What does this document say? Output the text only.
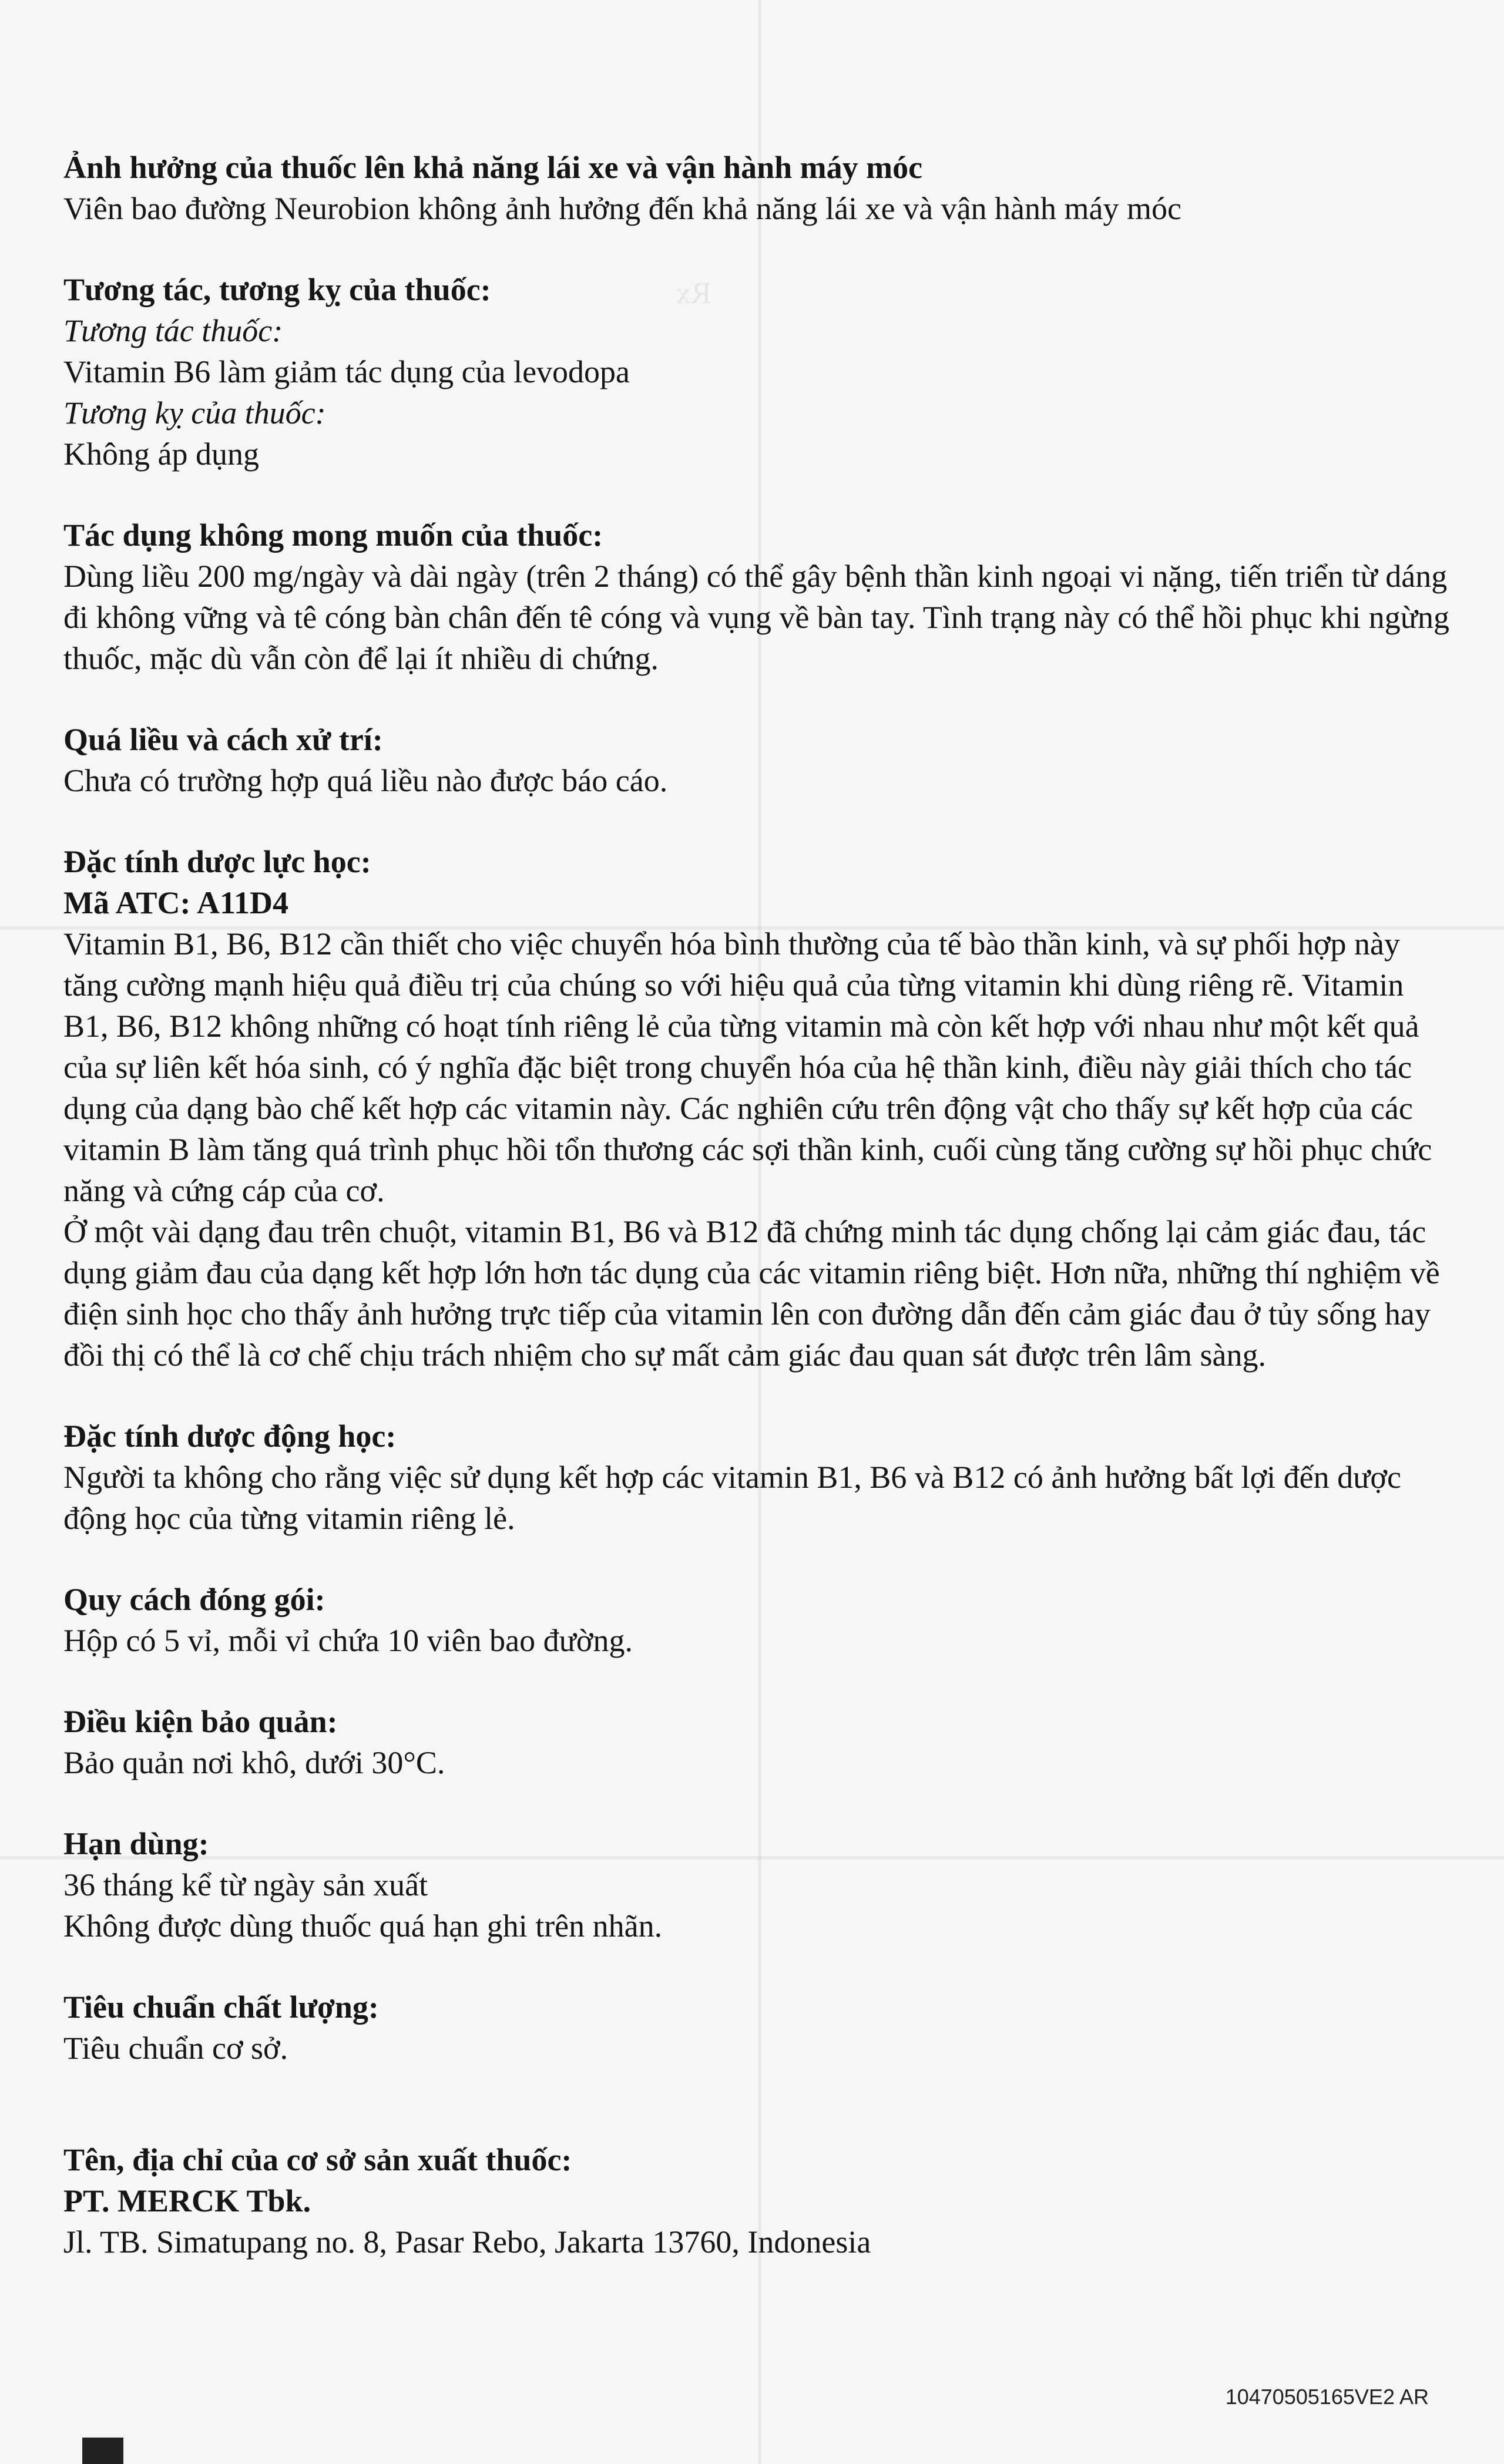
Rx

Ảnh hưởng của thuốc lên khả năng lái xe và vận hành máy móc

Viên bao đường Neurobion không ảnh hưởng đến khả năng lái xe và vận hành máy móc

Tương tác, tương kỵ của thuốc:

Tương tác thuốc:

Vitamin B6 làm giảm tác dụng của levodopa

Tương kỵ của thuốc:

Không áp dụng

Tác dụng không mong muốn của thuốc:

Dùng liều 200 mg/ngày và dài ngày (trên 2 tháng) có thể gây bệnh thần kinh ngoại vi nặng, tiến triển từ dáng đi không vững và tê cóng bàn chân đến tê cóng và vụng về bàn tay. Tình trạng này có thể hồi phục khi ngừng thuốc, mặc dù vẫn còn để lại ít nhiều di chứng.

Quá liều và cách xử trí:

Chưa có trường hợp quá liều nào được báo cáo.

Đặc tính dược lực học:

Mã ATC: A11D4

Vitamin B1, B6, B12 cần thiết cho việc chuyển hóa bình thường của tế bào thần kinh, và sự phối hợp này tăng cường mạnh hiệu quả điều trị của chúng so với hiệu quả của từng vitamin khi dùng riêng rẽ. Vitamin B1, B6, B12 không những có hoạt tính riêng lẻ của từng vitamin mà còn kết hợp với nhau như một kết quả của sự liên kết hóa sinh, có ý nghĩa đặc biệt trong chuyển hóa của hệ thần kinh, điều này giải thích cho tác dụng của dạng bào chế kết hợp các vitamin này. Các nghiên cứu trên động vật cho thấy sự kết hợp của các vitamin B làm tăng quá trình phục hồi tổn thương các sợi thần kinh, cuối cùng tăng cường sự hồi phục chức năng và cứng cáp của cơ.

Ở một vài dạng đau trên chuột, vitamin B1, B6 và B12 đã chứng minh tác dụng chống lại cảm giác đau, tác dụng giảm đau của dạng kết hợp lớn hơn tác dụng của các vitamin riêng biệt. Hơn nữa, những thí nghiệm về điện sinh học cho thấy ảnh hưởng trực tiếp của vitamin lên con đường dẫn đến cảm giác đau ở tủy sống hay đồi thị có thể là cơ chế chịu trách nhiệm cho sự mất cảm giác đau quan sát được trên lâm sàng.

Đặc tính dược động học:

Người ta không cho rằng việc sử dụng kết hợp các vitamin B1, B6 và B12 có ảnh hưởng bất lợi đến dược động học của từng vitamin riêng lẻ.

Quy cách đóng gói:

Hộp có 5 vỉ, mỗi vỉ chứa 10 viên bao đường.

Điều kiện bảo quản:

Bảo quản nơi khô, dưới 30°C.

Hạn dùng:

36 tháng kể từ ngày sản xuất

Không được dùng thuốc quá hạn ghi trên nhãn.

Tiêu chuẩn chất lượng:

Tiêu chuẩn cơ sở.

Tên, địa chỉ của cơ sở sản xuất thuốc:

PT. MERCK Tbk.

Jl. TB. Simatupang no. 8, Pasar Rebo, Jakarta 13760, Indonesia

10470505165VE2 AR
